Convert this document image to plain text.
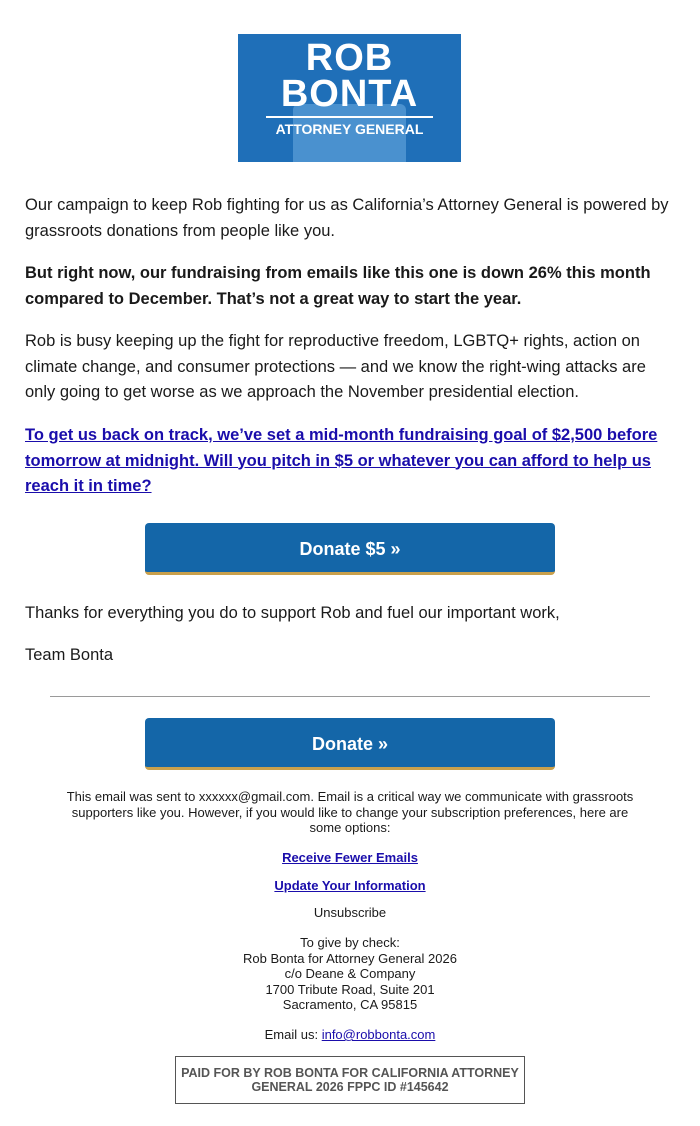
ROB
BONTA
ATTORNEY GENERAL

Our campaign to keep Rob fighting for us as California’s Attorney General is powered by grassroots donations from people like you.

But right now, our fundraising from emails like this one is down 26% this month compared to December. That’s not a great way to start the year.

Rob is busy keeping up the fight for reproductive freedom, LGBTQ+ rights, action on climate change, and consumer protections — and we know the right-wing attacks are only going to get worse as we approach the November presidential election.

To get us back on track, we’ve set a mid-month fundraising goal of $2,500 before tomorrow at midnight. Will you pitch in $5 or whatever you can afford to help us reach it in time?
Donate $5 »

Thanks for everything you do to support Rob and fuel our important work,

Team Bonta

Donate »

This email was sent to xxxxxx@gmail.com. Email is a critical way we communicate with grassroots supporters like you. However, if you would like to change your subscription preferences, here are some options:

Receive Fewer Emails
Update Your Information
Unsubscribe
To give by check:
Rob Bonta for Attorney General 2026
c/o Deane & Company
1700 Tribute Road, Suite 201
Sacramento, CA 95815
Email us: info@robbonta.com
PAID FOR BY ROB BONTA FOR CALIFORNIA ATTORNEY GENERAL 2026 FPPC ID #145642
